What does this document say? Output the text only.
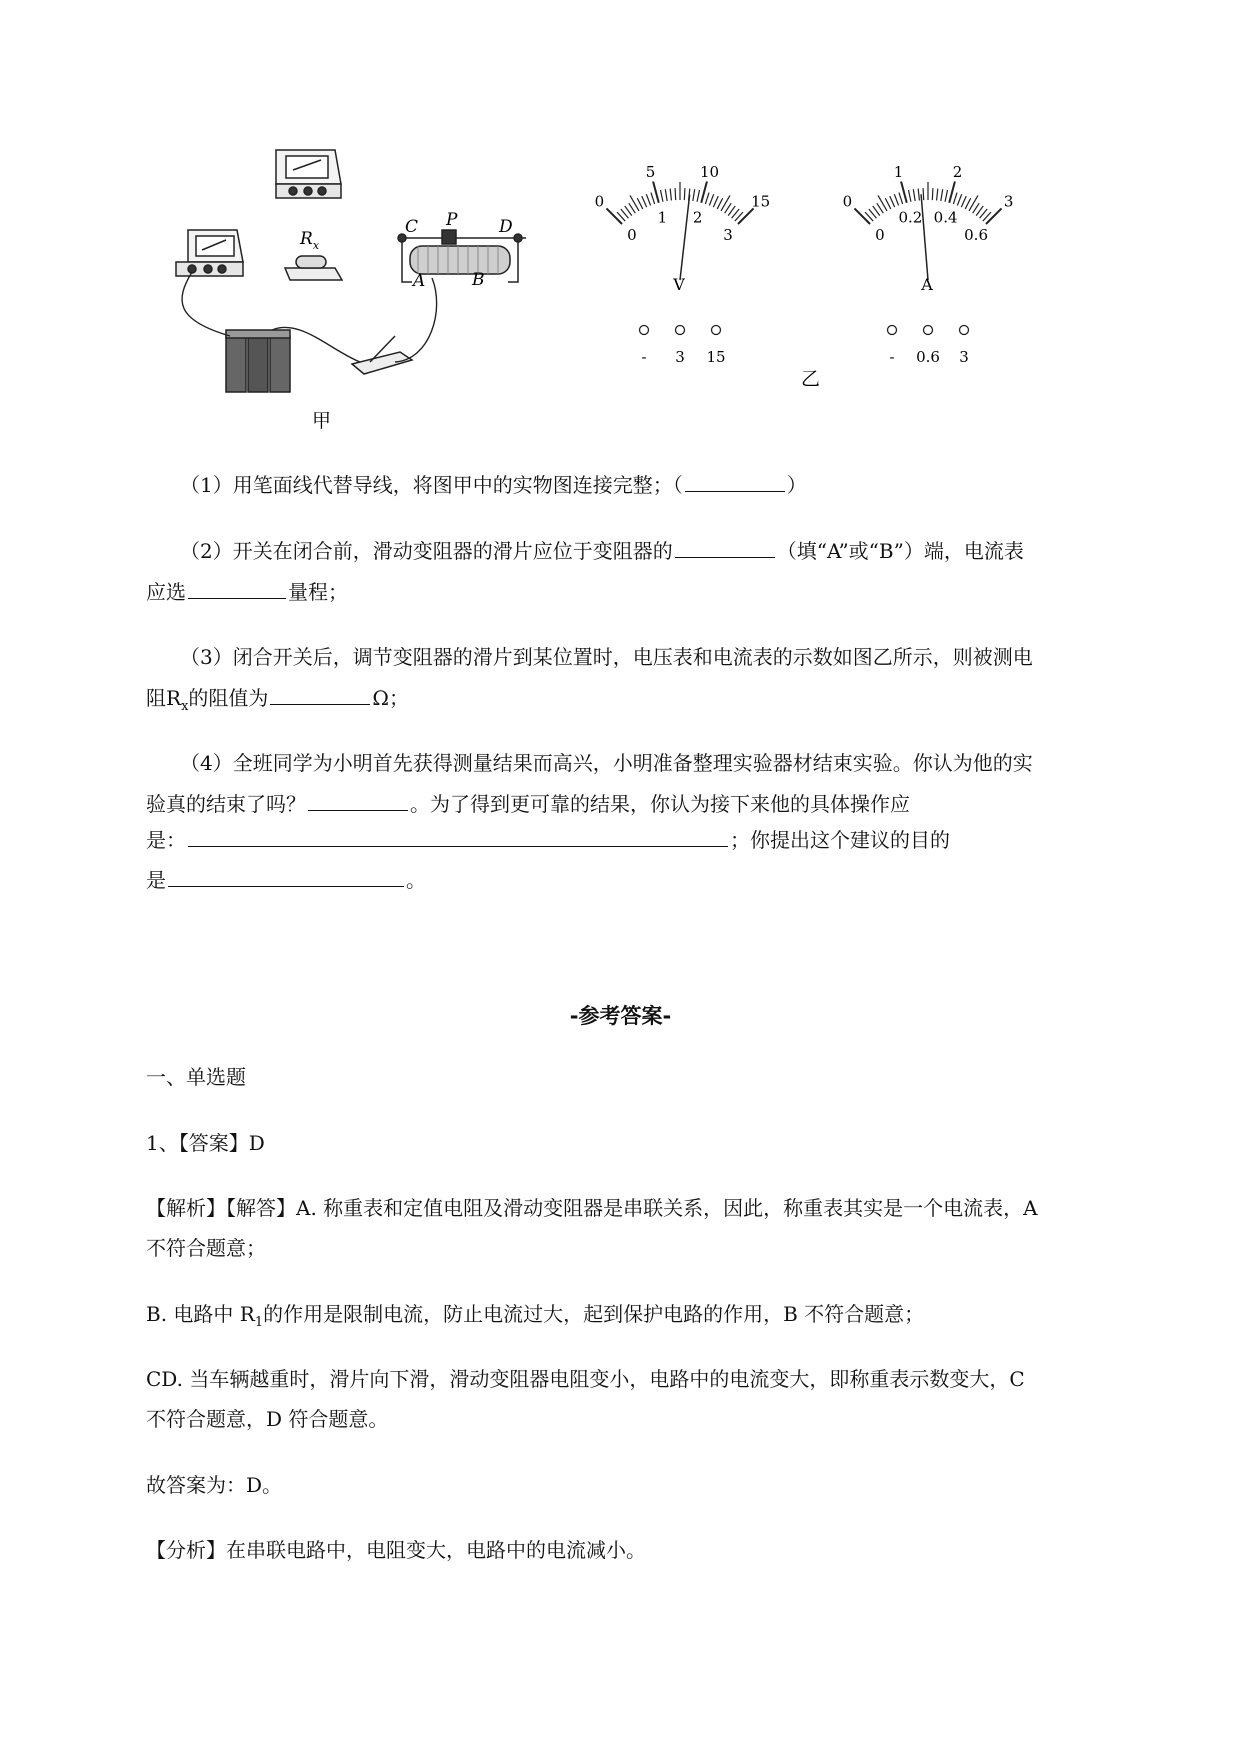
$R_x$
C P D
A	B
甲
0
5	10
15
0
1 2
3
- 3 15
V
0
1	2
3
0
0.2 0.4
0.6
- 0.6 3
A
乙
（1）用笔面线代替导线，将图甲中的实物图连接完整；（	）
（2）开关在闭合前，滑动变阻器的滑片应位于变阻器的	（填“A”或“B”）端，电流表
应选	量程；
（3）闭合开关后，调节变阻器的滑片到某位置时，电压表和电流表的示数如图乙所示，则被测电
阻$R_x$的阻值为	Ω；
（4）全班同学为小明首先获得测量结果而高兴，小明准备整理实验器材结束实验。你认为他的实
验真的结束了吗？	。为了得到更可靠的结果，你认为接下来他的具体操作应
是：	；你提出这个建议的目的
是	。
-参考答案-
一、单选题
1、【答案】D
【解析】【解答】A. 称重表和定值电阻及滑动变阻器是串联关系，因此，称重表其实是一个电流表，A
不符合题意；
B. 电路中 $R_1$的作用是限制电流，防止电流过大，起到保护电路的作用，B 不符合题意；
CD. 当车辆越重时，滑片向下滑，滑动变阻器电阻变小，电路中的电流变大，即称重表示数变大，C
不符合题意，D 符合题意。
故答案为：D。
【分析】在串联电路中，电阻变大，电路中的电流减小。
